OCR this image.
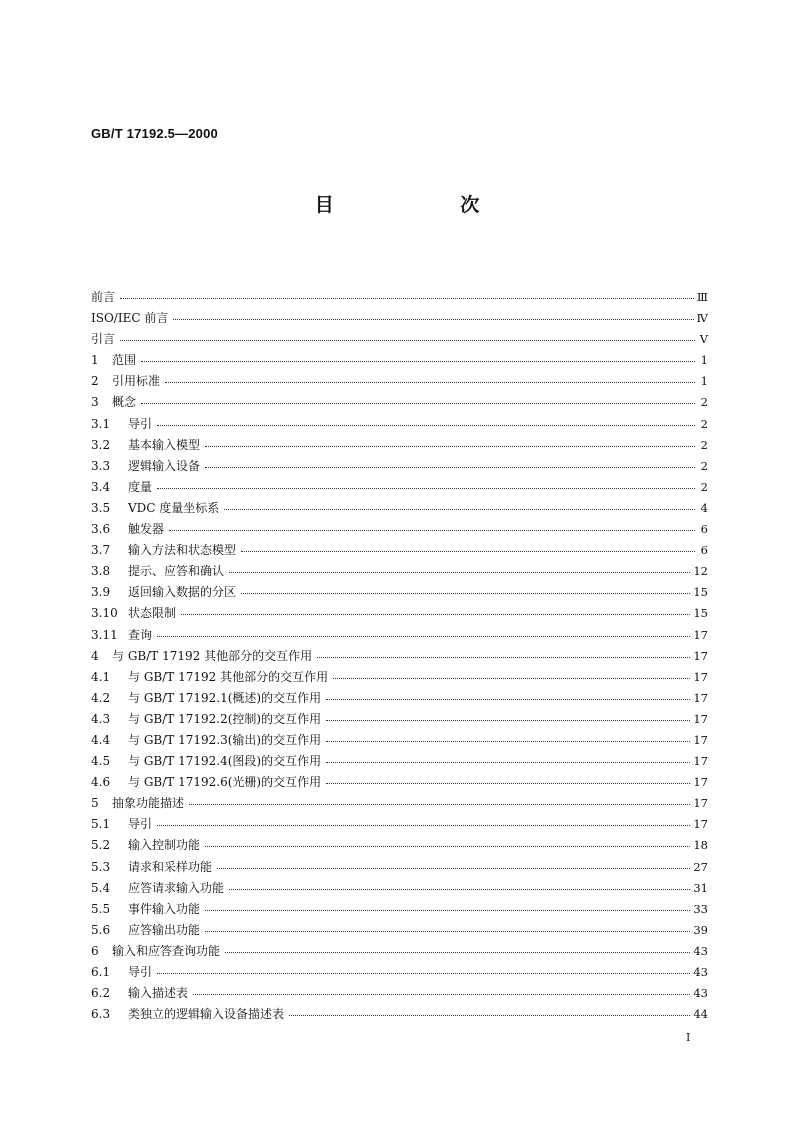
GB/T 17192.5—2000
目 次
前言	Ⅲ
ISO/IEC 前言	Ⅳ
引言	Ⅴ
1	范围	1
2	引用标准	1
3	概念	2
3.1	导引	2
3.2	基本输入模型	2
3.3	逻辑输入设备	2
3.4	度量	2
3.5	VDC 度量坐标系	4
3.6	触发器	6
3.7	输入方法和状态模型	6
3.8	提示、应答和确认	12
3.9	返回输入数据的分区	15
3.10 状态限制	15
3.11 查询	17
4	与 GB/T 17192 其他部分的交互作用	17
4.1	与 GB/T 17192 其他部分的交互作用	17
4.2	与 GB/T 17192.1(概述)的交互作用	17
4.3	与 GB/T 17192.2(控制)的交互作用	17
4.4	与 GB/T 17192.3(输出)的交互作用	17
4.5	与 GB/T 17192.4(图段)的交互作用	17
4.6	与 GB/T 17192.6(光栅)的交互作用	17
5	抽象功能描述	17
5.1	导引	17
5.2	输入控制功能	18
5.3	请求和采样功能	27
5.4	应答请求输入功能	31
5.5	事件输入功能	33
5.6	应答输出功能	39
6	输入和应答查询功能	43
6.1	导引	43
6.2	输入描述表	43
6.3	类独立的逻辑输入设备描述表	44
I
